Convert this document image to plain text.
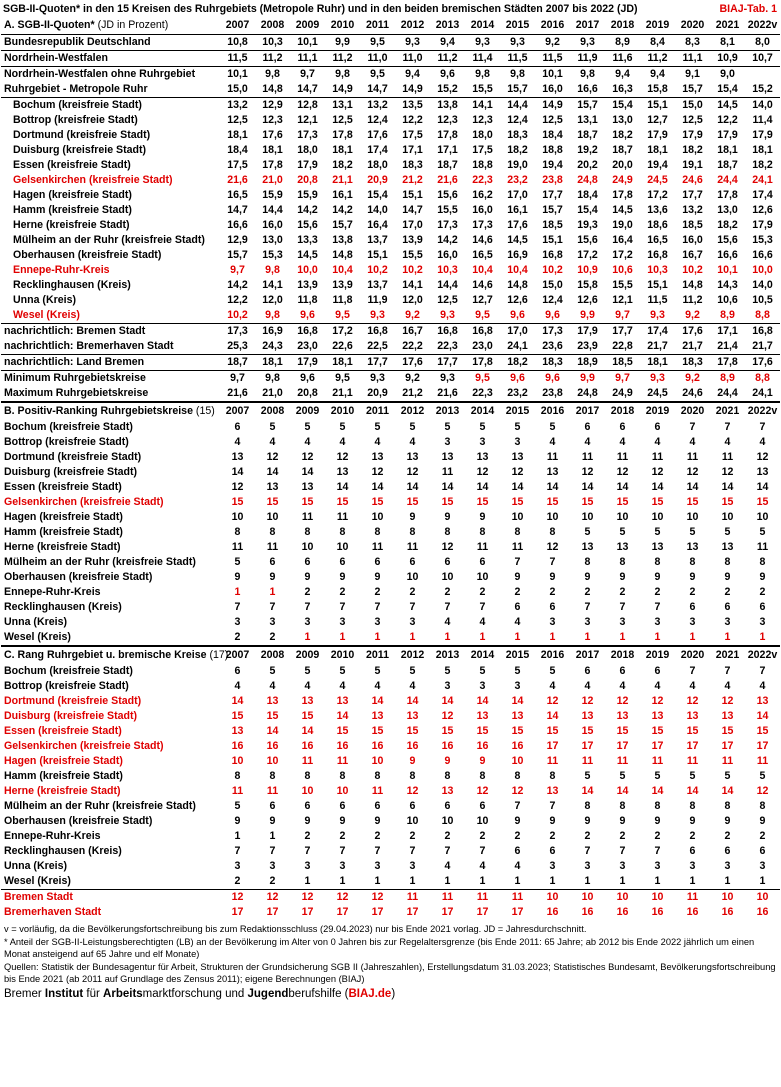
SGB-II-Quoten* in den 15 Kreisen des Ruhrgebiets (Metropole Ruhr) und in den beiden bremischen Städten 2007 bis 2022 (JD)	BIAJ-Tab. 1
A. SGB-II-Quoten* (JD in Prozent)	2007	2008	2009	2010	2011	2012	2013	2014	2015	2016	2017	2018	2019	2020	2021	2022v
Bundesrepublik Deutschland	10,8	10,3	10,1	9,9	9,5	9,3	9,4	9,3	9,3	9,2	9,3	8,9	8,4	8,3	8,1	8,0
Nordrhein-Westfalen	11,5	11,2	11,1	11,2	11,0	11,0	11,2	11,4	11,5	11,5	11,9	11,6	11,2	11,1	10,9	10,7
Nordrhein-Westfalen ohne Ruhrgebiet	10,1	9,8	9,7	9,8	9,5	9,4	9,6	9,8	9,8	10,1	9,8	9,4	9,4	9,1	9,0	
Ruhrgebiet - Metropole Ruhr	15,0	14,8	14,7	14,9	14,7	14,9	15,2	15,5	15,7	16,0	16,6	16,3	15,8	15,7	15,4	15,2
Bochum (kreisfreie Stadt)	13,2	12,9	12,8	13,1	13,2	13,5	13,8	14,1	14,4	14,9	15,7	15,4	15,1	15,0	14,5	14,0
Bottrop (kreisfreie Stadt)	12,5	12,3	12,1	12,5	12,4	12,2	12,3	12,3	12,4	12,5	13,1	13,0	12,7	12,5	12,2	11,4
Dortmund (kreisfreie Stadt)	18,1	17,6	17,3	17,8	17,6	17,5	17,8	18,0	18,3	18,4	18,7	18,2	17,9	17,9	17,9	17,9
Duisburg (kreisfreie Stadt)	18,4	18,1	18,0	18,1	17,4	17,1	17,1	17,5	18,2	18,8	19,2	18,7	18,1	18,2	18,1	18,1
Essen (kreisfreie Stadt)	17,5	17,8	17,9	18,2	18,0	18,3	18,7	18,8	19,0	19,4	20,2	20,0	19,4	19,1	18,7	18,2
Gelsenkirchen (kreisfreie Stadt)	21,6	21,0	20,8	21,1	20,9	21,2	21,6	22,3	23,2	23,8	24,8	24,9	24,5	24,6	24,4	24,1
Hagen (kreisfreie Stadt)	16,5	15,9	15,9	16,1	15,4	15,1	15,6	16,2	17,0	17,7	18,4	17,8	17,2	17,7	17,8	17,4
Hamm (kreisfreie Stadt)	14,7	14,4	14,2	14,2	14,0	14,7	15,5	16,0	16,1	15,7	15,4	14,5	13,6	13,2	13,0	12,6
Herne (kreisfreie Stadt)	16,6	16,0	15,6	15,7	16,4	17,0	17,3	17,3	17,6	18,5	19,3	19,0	18,6	18,5	18,2	17,9
Mülheim an der Ruhr (kreisfreie Stadt)	12,9	13,0	13,3	13,8	13,7	13,9	14,2	14,6	14,5	15,1	15,6	16,4	16,5	16,0	15,6	15,3
Oberhausen (kreisfreie Stadt)	15,7	15,3	14,5	14,8	15,1	15,5	16,0	16,5	16,9	16,8	17,2	17,2	16,8	16,7	16,6	16,6
Ennepe-Ruhr-Kreis	9,7	9,8	10,0	10,4	10,2	10,2	10,3	10,4	10,4	10,2	10,9	10,6	10,3	10,2	10,1	10,0
Recklinghausen (Kreis)	14,2	14,1	13,9	13,9	13,7	14,1	14,4	14,6	14,8	15,0	15,8	15,5	15,1	14,8	14,3	14,0
Unna (Kreis)	12,2	12,0	11,8	11,8	11,9	12,0	12,5	12,7	12,6	12,4	12,6	12,1	11,5	11,2	10,6	10,5
Wesel (Kreis)	10,2	9,8	9,6	9,5	9,3	9,2	9,3	9,5	9,6	9,6	9,9	9,7	9,3	9,2	8,9	8,8
nachrichtlich: Bremen Stadt	17,3	16,9	16,8	17,2	16,8	16,7	16,8	16,8	17,0	17,3	17,9	17,7	17,4	17,6	17,1	16,8
nachrichtlich: Bremerhaven Stadt	25,3	24,3	23,0	22,6	22,5	22,2	22,3	23,0	24,1	23,6	23,9	22,8	21,7	21,7	21,4	21,7
nachrichtlich: Land Bremen	18,7	18,1	17,9	18,1	17,7	17,6	17,7	17,8	18,2	18,3	18,9	18,5	18,1	18,3	17,8	17,6
Minimum Ruhrgebietskreise	9,7	9,8	9,6	9,5	9,3	9,2	9,3	9,5	9,6	9,6	9,9	9,7	9,3	9,2	8,9	8,8
Maximum Ruhrgebietskreise	21,6	21,0	20,8	21,1	20,9	21,2	21,6	22,3	23,2	23,8	24,8	24,9	24,5	24,6	24,4	24,1
B. Positiv-Ranking Ruhrgebietskreise (15)	2007	2008	2009	2010	2011	2012	2013	2014	2015	2016	2017	2018	2019	2020	2021	2022v
Bochum (kreisfreie Stadt)	6	5	5	5	5	5	5	5	5	5	6	6	6	7	7	7
Bottrop (kreisfreie Stadt)	4	4	4	4	4	4	3	3	3	4	4	4	4	4	4	4
Dortmund (kreisfreie Stadt)	13	12	12	12	13	13	13	13	13	11	11	11	11	11	11	12
Duisburg (kreisfreie Stadt)	14	14	14	13	12	12	11	12	12	13	12	12	12	12	12	13
Essen (kreisfreie Stadt)	12	13	13	14	14	14	14	14	14	14	14	14	14	14	14	14
Gelsenkirchen (kreisfreie Stadt)	15	15	15	15	15	15	15	15	15	15	15	15	15	15	15	15
Hagen (kreisfreie Stadt)	10	10	11	11	10	9	9	9	10	10	10	10	10	10	10	10
Hamm (kreisfreie Stadt)	8	8	8	8	8	8	8	8	8	8	5	5	5	5	5	5
Herne (kreisfreie Stadt)	11	11	10	10	11	11	12	11	11	12	13	13	13	13	13	11
Mülheim an der Ruhr (kreisfreie Stadt)	5	6	6	6	6	6	6	6	7	7	8	8	8	8	8	8
Oberhausen (kreisfreie Stadt)	9	9	9	9	9	10	10	10	9	9	9	9	9	9	9	9
Ennepe-Ruhr-Kreis	1	1	2	2	2	2	2	2	2	2	2	2	2	2	2	2
Recklinghausen (Kreis)	7	7	7	7	7	7	7	7	6	6	7	7	7	6	6	6
Unna (Kreis)	3	3	3	3	3	3	4	4	4	3	3	3	3	3	3	3
Wesel (Kreis)	2	2	1	1	1	1	1	1	1	1	1	1	1	1	1	1
C. Rang Ruhrgebiet u. bremische Kreise (17)	2007	2008	2009	2010	2011	2012	2013	2014	2015	2016	2017	2018	2019	2020	2021	2022v
Bochum (kreisfreie Stadt)	6	5	5	5	5	5	5	5	5	5	6	6	6	7	7	7
Bottrop (kreisfreie Stadt)	4	4	4	4	4	4	3	3	3	4	4	4	4	4	4	4
Dortmund (kreisfreie Stadt)	14	13	13	13	14	14	14	14	14	12	12	12	12	12	12	13
Duisburg (kreisfreie Stadt)	15	15	15	14	13	13	12	13	13	14	13	13	13	13	13	14
Essen (kreisfreie Stadt)	13	14	14	15	15	15	15	15	15	15	15	15	15	15	15	15
Gelsenkirchen (kreisfreie Stadt)	16	16	16	16	16	16	16	16	16	17	17	17	17	17	17	17
Hagen (kreisfreie Stadt)	10	10	11	11	10	9	9	9	10	11	11	11	11	11	11	11
Hamm (kreisfreie Stadt)	8	8	8	8	8	8	8	8	8	8	5	5	5	5	5	5
Herne (kreisfreie Stadt)	11	11	10	10	11	12	13	12	12	13	14	14	14	14	14	12
Mülheim an der Ruhr (kreisfreie Stadt)	5	6	6	6	6	6	6	6	7	7	8	8	8	8	8	8
Oberhausen (kreisfreie Stadt)	9	9	9	9	9	10	10	10	9	9	9	9	9	9	9	9
Ennepe-Ruhr-Kreis	1	1	2	2	2	2	2	2	2	2	2	2	2	2	2	2
Recklinghausen (Kreis)	7	7	7	7	7	7	7	7	6	6	7	7	7	6	6	6
Unna (Kreis)	3	3	3	3	3	3	4	4	4	3	3	3	3	3	3	3
Wesel (Kreis)	2	2	1	1	1	1	1	1	1	1	1	1	1	1	1	1
Bremen Stadt	12	12	12	12	12	11	11	11	11	10	10	10	10	11	10	10
Bremerhaven Stadt	17	17	17	17	17	17	17	17	17	16	16	16	16	16	16	16
v = vorläufig, da die Bevölkerungsfortschreibung bis zum Redaktionsschluss (29.04.2023) nur bis Ende 2021 vorlag. JD = Jahresdurchschnitt.
* Anteil der SGB-II-Leistungsberechtigten (LB) an der Bevölkerung im Alter von 0 Jahren bis zur Regelaltersgrenze (bis Ende 2011: 65 Jahre; ab 2012 bis Ende 2022 jährlich um einen Monat ansteigend auf 65 Jahre und elf Monate)
Quellen: Statistik der Bundesagentur für Arbeit, Strukturen der Grundsicherung SGB II (Jahreszahlen), Erstellungsdatum 31.03.2023; Statistisches Bundesamt, Bevölkerungsfortschreibung bis Ende 2021 (ab 2011 auf Grundlage des Zensus 2011); eigene Berechnungen (BIAJ)
Bremer Institut für Arbeitsmarktforschung und Jugendberufshilfe (BIAJ.de)
